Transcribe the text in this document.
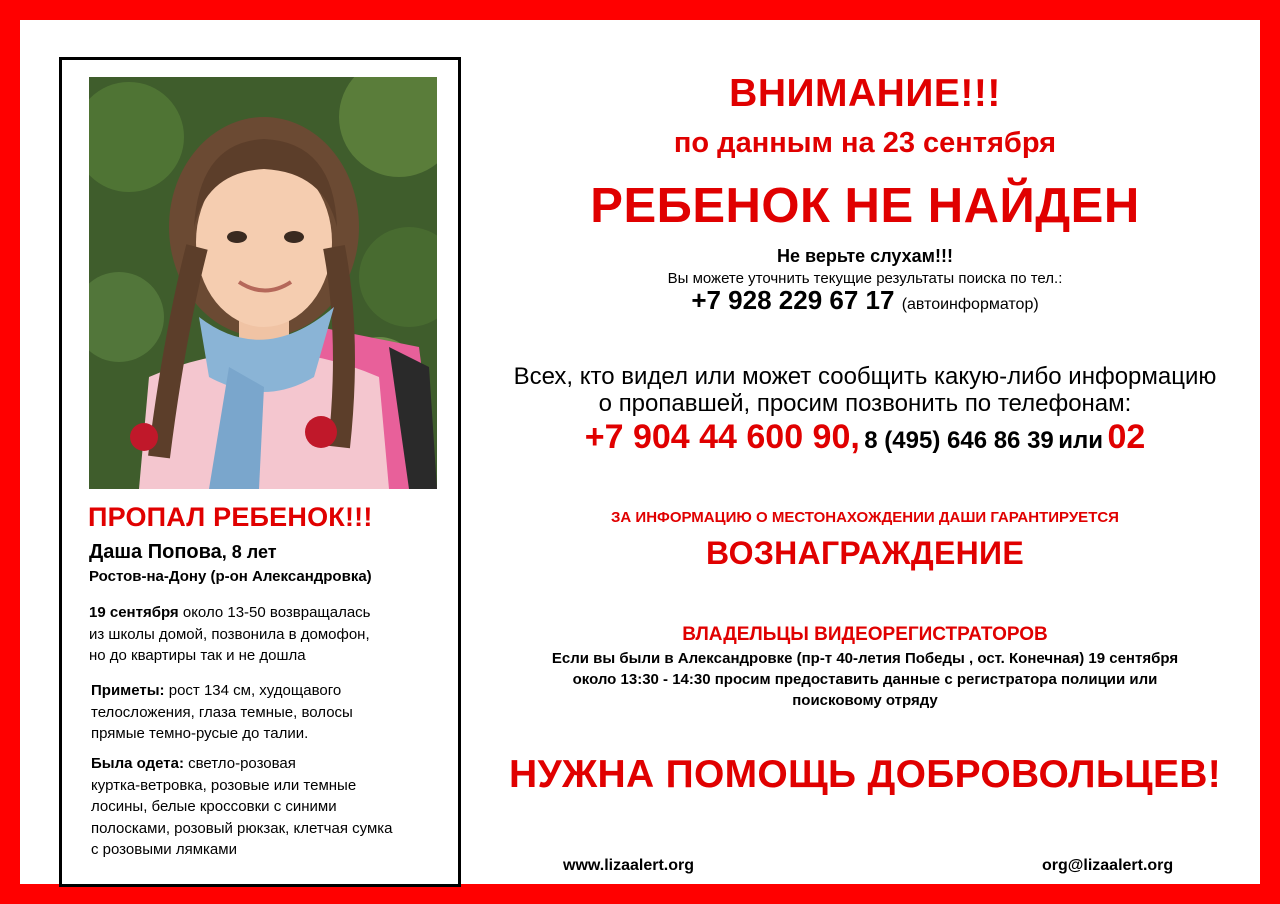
ПРОПАЛ РЕБЕНОК!!!
Даша Попова, 8 лет
Ростов-на-Дону (р-он Александровка)
19 сентября около 13-50 возвращалась
из школы домой, позвонила в домофон,
но до квартиры так и не дошла
Приметы: рост 134 см, худощавого
телосложения, глаза темные, волосы
прямые темно-русые до талии.
Была одета: светло-розовая
куртка-ветровка, розовые или темные
лосины, белые кроссовки с синими
полосками, розовый рюкзак, клетчая сумка
с розовыми лямками
ВНИМАНИЕ!!!
по данным на 23 сентября
РЕБЕНОК НЕ НАЙДЕН
Не верьте слухам!!!
Вы можете уточнить текущие результаты поиска по тел.:
+7 928 229 67 17 (автоинформатор)
Всех, кто видел или может сообщить какую-либо информацию
о пропавшей, просим позвонить по телефонам:
+7 904 44 600 90, 8 (495) 646 86 39 или 02
ЗА ИНФОРМАЦИЮ О МЕСТОНАХОЖДЕНИИ ДАШИ ГАРАНТИРУЕТСЯ
ВОЗНАГРАЖДЕНИЕ
ВЛАДЕЛЬЦЫ ВИДЕОРЕГИСТРАТОРОВ
Если вы были в Александровке (пр-т 40-летия Победы , ост. Конечная) 19 сентября
около 13:30 - 14:30 просим предоставить данные с регистратора полиции или
поисковому отряду
НУЖНА ПОМОЩЬ ДОБРОВОЛЬЦЕВ!
www.lizaalert.org	org@lizaalert.org
